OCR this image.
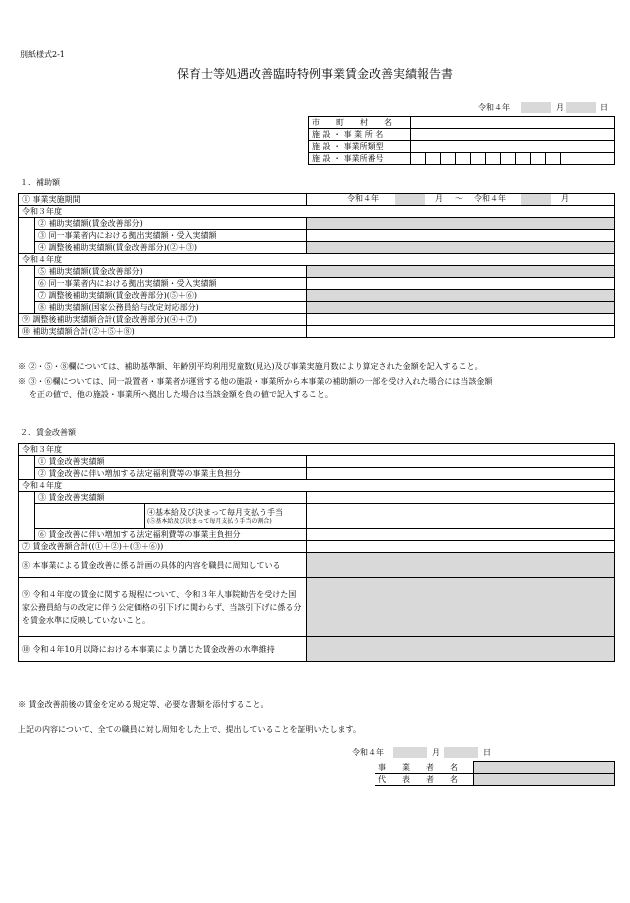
別紙様式2-1
保育士等処遇改善臨時特例事業賃金改善実績報告書
令和４年	月	日
市　　町　　村　　名	
施 設 ・ 事 業 所 名	
施 設 ・ 事業所類型	
施 設 ・ 事業所番号	
１．補助額
① 事業実施期間		令和４年 月 ～ 令和４年 月

令和３年度		
	② 補助実績額(賃金改善部分)	
	③ 同一事業者内における拠出実績額・受入実績額	
	④ 調整後補助実績額(賃金改善部分)(②＋③)	
令和４年度		
	⑤ 補助実績額(賃金改善部分)	
	⑥ 同一事業者内における拠出実績額・受入実績額	
	⑦ 調整後補助実績額(賃金改善部分)(⑤＋⑥)	
	⑧ 補助実績額(国家公務員給与改定対応部分)	
⑨ 調整後補助実績額合計(賃金改善部分)(④＋⑦)		
⑩ 補助実績額合計(②＋⑤＋⑧)		
※ ②・⑤・⑧欄については、補助基準額、年齢別平均利用児童数(見込)及び事業実施月数により算定された金額を記入すること。
※ ③・⑥欄については、同一設置者・事業者が運営する他の施設・事業所から本事業の補助額の一部を受け入れた場合には当該金額
を正の値で、他の施設・事業所へ拠出した場合は当該金額を負の値で記入すること。
２．賃金改善額
令和３年度			
	① 賃金改善実績額		
	② 賃金改善に伴い増加する法定福利費等の事業主負担分		
令和４年度			
	③ 賃金改善実績額		

		④基本給及び決まって毎月支払う手当
(⑤基本給及び決まって毎月支払う手当の割合)	

	⑥ 賃金改善に伴い増加する法定福利費等の事業主負担分		
⑦ 賃金改善額合計((①＋②)＋(③＋⑥))			
⑧ 本事業による賃金改善に係る計画の具体的内容を職員に周知している			
⑨ 令和４年度の賃金に関する規程について、令和３年人事院勧告を受けた国家公務員給与の改定に伴う公定価格の引下げに関わらず、当該引下げに係る分を賃金水準に反映していないこと。			
⑩ 令和４年10月以降における本事業により講じた賃金改善の水準維持			
※ 賃金改善前後の賃金を定める規定等、必要な書類を添付すること。
上記の内容について、全ての職員に対し周知をした上で、提出していることを証明いたします。
令和４年	月	日
事　　業　　者　　名	
代　　表　　者　　名	
